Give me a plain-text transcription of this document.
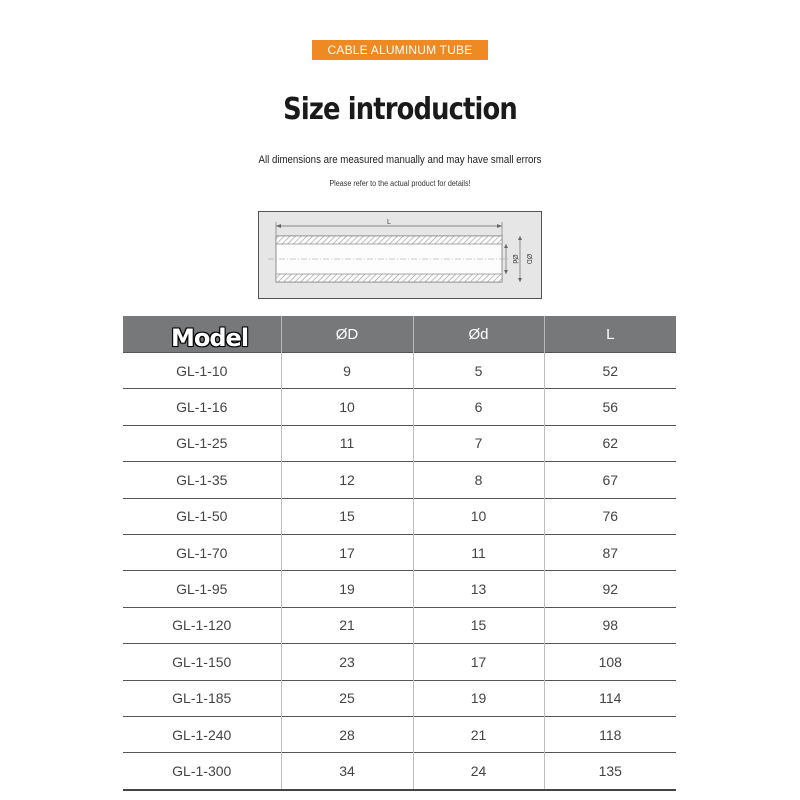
CABLE ALUMINUM TUBE
Size introduction
All dimensions are measured manually and may have small errors
Please refer to the actual product for details!
L
Ød ØD
Model	ØD	Ød	L
GL-1-10	9	5	52
GL-1-16	10	6	56
GL-1-25	11	7	62
GL-1-35	12	8	67
GL-1-50	15	10	76
GL-1-70	17	11	87
GL-1-95	19	13	92
GL-1-120	21	15	98
GL-1-150	23	17	108
GL-1-185	25	19	114
GL-1-240	28	21	118
GL-1-300	34	24	135
